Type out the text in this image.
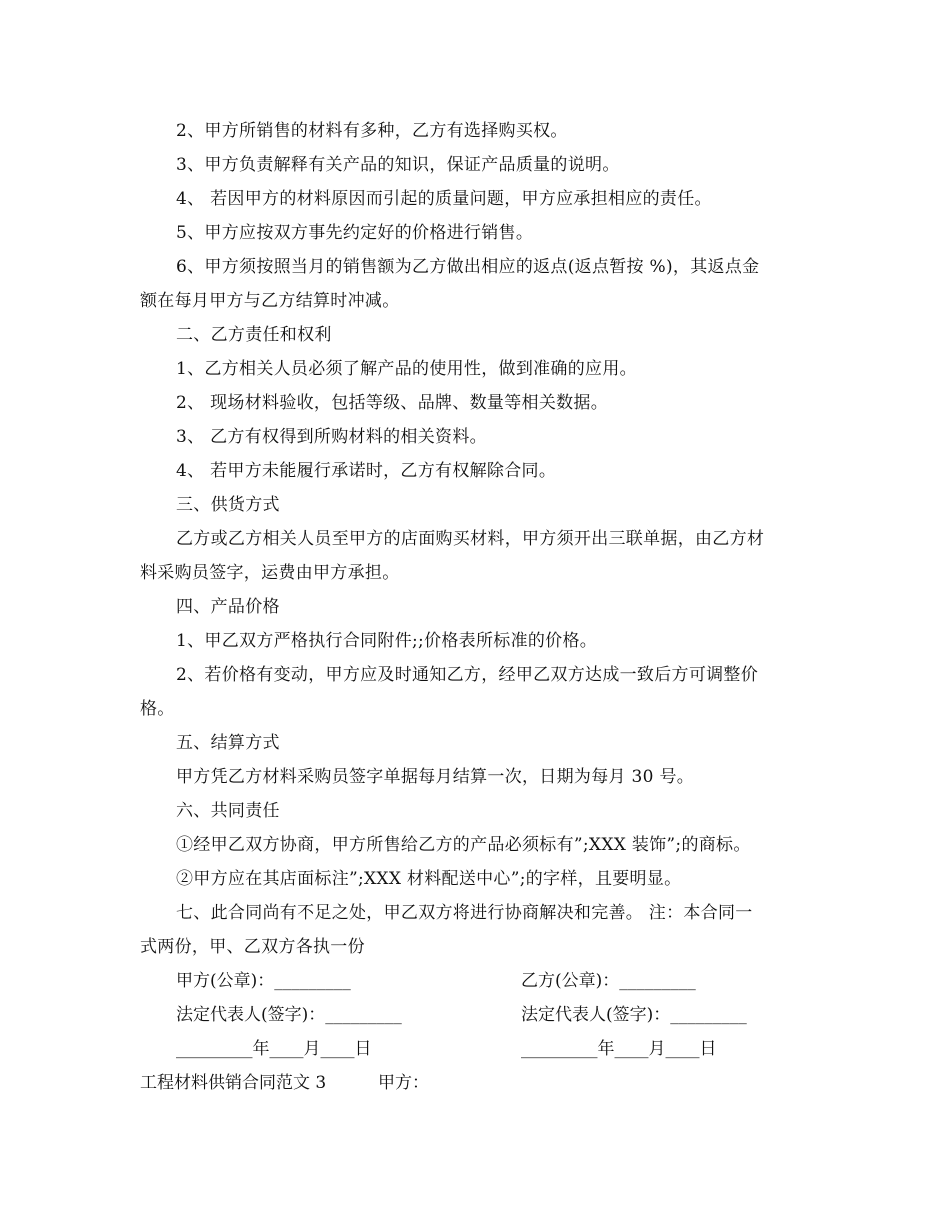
2、甲方所销售的材料有多种，乙方有选择购买权。
3、甲方负责解释有关产品的知识，保证产品质量的说明。
4、 若因甲方的材料原因而引起的质量问题，甲方应承担相应的责任。
5、甲方应按双方事先约定好的价格进行销售。
6、甲方须按照当月的销售额为乙方做出相应的返点(返点暂按 %)，其返点金
额在每月甲方与乙方结算时冲减。
二、乙方责任和权利
1、乙方相关人员必须了解产品的使用性，做到准确的应用。
2、 现场材料验收，包括等级、品牌、数量等相关数据。
3、 乙方有权得到所购材料的相关资料。
4、 若甲方未能履行承诺时，乙方有权解除合同。
三、供货方式
乙方或乙方相关人员至甲方的店面购买材料，甲方须开出三联单据，由乙方材
料采购员签字，运费由甲方承担。
四、产品价格
1、甲乙双方严格执行合同附件;;价格表所标准的价格。
2、若价格有变动，甲方应及时通知乙方，经甲乙双方达成一致后方可调整价
格。
五、结算方式
甲方凭乙方材料采购员签字单据每月结算一次，日期为每月 30 号。
六、共同责任
①经甲乙双方协商，甲方所售给乙方的产品必须标有”;XXX 装饰”;的商标。
②甲方应在其店面标注”;XXX 材料配送中心”;的字样，且要明显。
七、此合同尚有不足之处，甲乙双方将进行协商解决和完善。 注：本合同一
式两份，甲、乙双方各执一份
甲方(公章)：_________	乙方(公章)：_________
法定代表人(签字)：_________	法定代表人(签字)：_________
_________年____月____日	_________年____月____日
工程材料供销合同范文 3	甲方：
